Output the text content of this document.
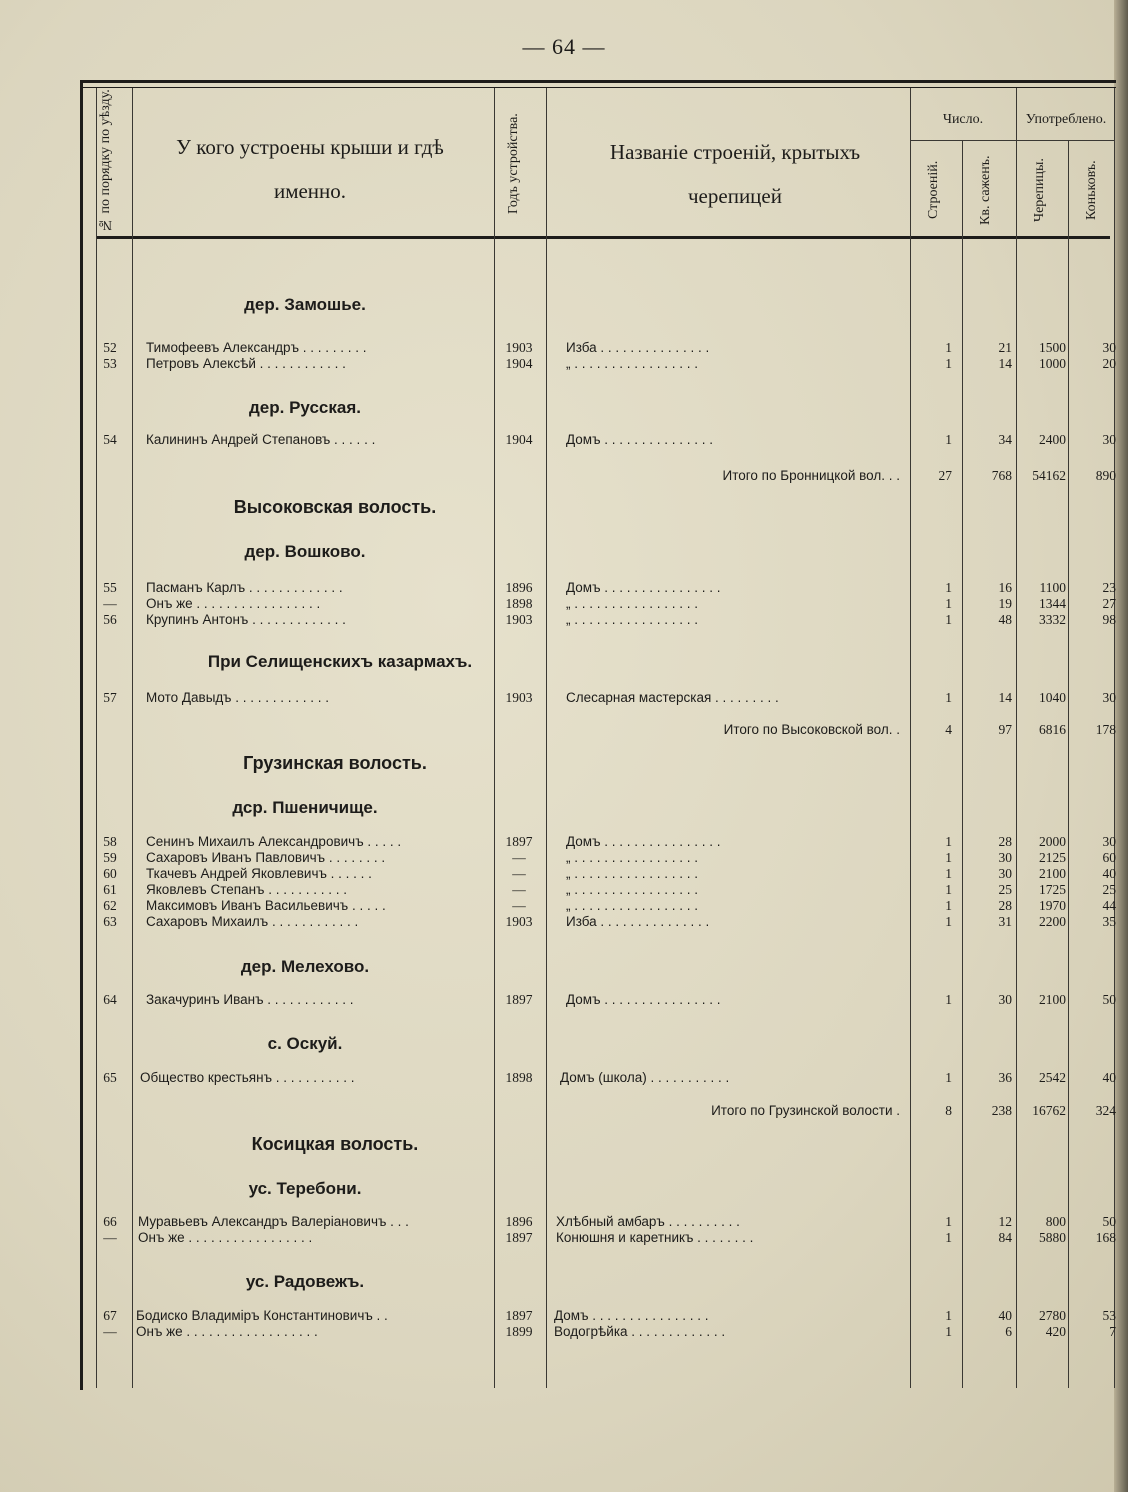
— 64 —
№ по порядку по уѣзду.	У кого устроены крыши и гдѣ именно.	Годъ устройства.	Названіе строеній, крытыхъ черепицей
Число.	Употреблено.
Строеній.	Кв. саженъ.	Черепицы.	Коньковъ.
дер. Замошье.
52	Тимофеевъ Александръ . . . . . . . . .	1903	Изба . . . . . . . . . . . . . . .	1	21	1500	30
53	Петровъ Алексѣй . . . . . . . . . . . .	1904	„ . . . . . . . . . . . . . . . . .	1	14	1000	20
дер. Русская.
54	Калининъ Андрей Степановъ . . . . . .	1904	Домъ . . . . . . . . . . . . . . .	1	34	2400	30
Итого по Бронницкой вол. . .	27	768	54162	890
Высоковская волость.
дер. Вошково.
55	Пасманъ Карлъ . . . . . . . . . . . . .	1896	Домъ . . . . . . . . . . . . . . . .	1	16	1100	23
—	Онъ же . . . . . . . . . . . . . . . . .	1898	„ . . . . . . . . . . . . . . . . .	1	19	1344	27
56	Крупинъ Антонъ . . . . . . . . . . . . .	1903	„ . . . . . . . . . . . . . . . . .	1	48	3332	98
При Селищенскихъ казармахъ.
57	Мото Давыдъ . . . . . . . . . . . . .	1903	Слесарная мастерская . . . . . . . . .	1	14	1040	30
Итого по Высоковской вол. .	4	97	6816	178
Грузинская волость.
дср. Пшеничище.
58	Сенинъ Михаилъ Александровичъ . . . . .	1897	Домъ . . . . . . . . . . . . . . . .	1	28	2000	30
59	Сахаровъ Иванъ Павловичъ . . . . . . . .	—	„ . . . . . . . . . . . . . . . . .	1	30	2125	60
60	Ткачевъ Андрей Яковлевичъ . . . . . .	—	„ . . . . . . . . . . . . . . . . .	1	30	2100	40
61	Яковлевъ Степанъ . . . . . . . . . . .	—	„ . . . . . . . . . . . . . . . . .	1	25	1725	25
62	Максимовъ Иванъ Васильевичъ . . . . .	—	„ . . . . . . . . . . . . . . . . .	1	28	1970	44
63	Сахаровъ Михаилъ . . . . . . . . . . . .	1903	Изба . . . . . . . . . . . . . . .	1	31	2200	35
дер. Мелехово.
64	Закачуринъ Иванъ . . . . . . . . . . . .	1897	Домъ . . . . . . . . . . . . . . . .	1	30	2100	50
с. Оскуй.
65	Общество крестьянъ . . . . . . . . . . .	1898	Домъ (школа) . . . . . . . . . . .	1	36	2542	40
Итого по Грузинской волости .	8	238	16762	324
Косицкая волость.
ус. Теребони.
66	Муравьевъ Александръ Валеріановичъ . . .	1896	Хлѣбный амбаръ . . . . . . . . . .	1	12	800	50
—	Онъ же . . . . . . . . . . . . . . . . .	1897	Конюшня и каретникъ . . . . . . . .	1	84	5880	168
ус. Радовежъ.
67	Бодиско Владиміръ Константиновичъ . .	1897	Домъ . . . . . . . . . . . . . . . .	1	40	2780	53
—	Онъ же . . . . . . . . . . . . . . . . . .	1899	Водогрѣйка . . . . . . . . . . . . .	1	6	420	7
